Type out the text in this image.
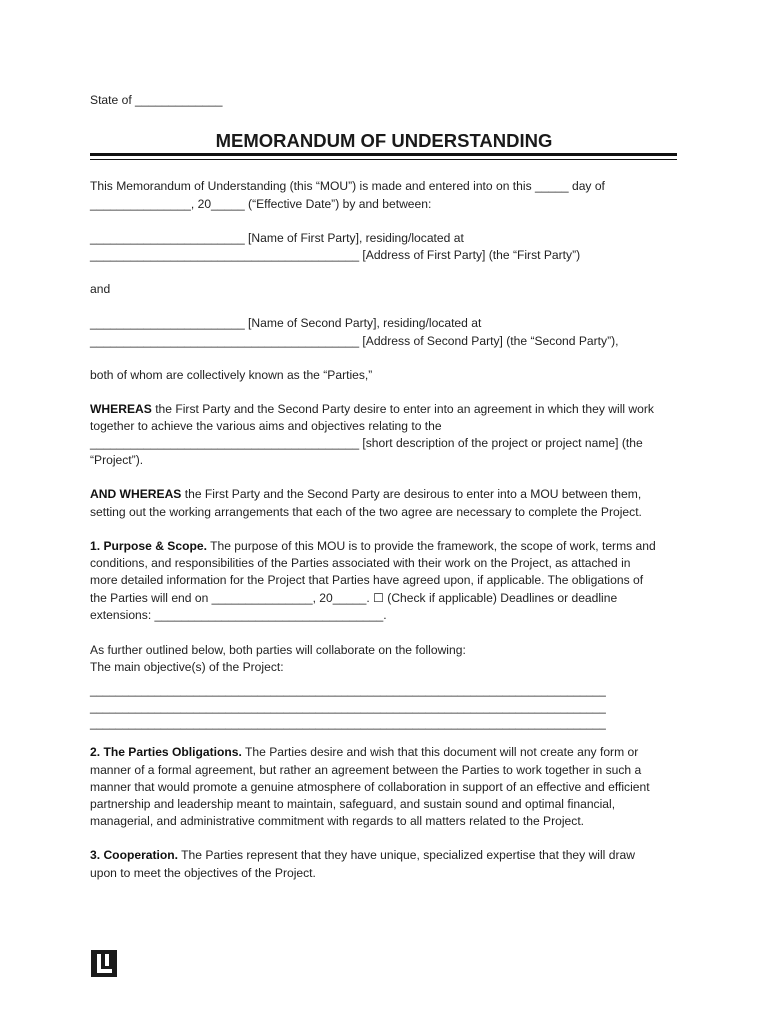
State of _____________
MEMORANDUM OF UNDERSTANDING
This Memorandum of Understanding (this “MOU”) is made and entered into on this _____ day of
_______________, 20_____ (“Effective Date”) by and between:
_______________________ [Name of First Party], residing/located at
________________________________________ [Address of First Party] (the “First Party”)
and
_______________________ [Name of Second Party], residing/located at
________________________________________ [Address of Second Party] (the “Second Party”),
both of whom are collectively known as the “Parties,”
WHEREAS the First Party and the Second Party desire to enter into an agreement in which they will work
together to achieve the various aims and objectives relating to the
________________________________________ [short description of the project or project name] (the
“Project”).
AND WHEREAS the First Party and the Second Party are desirous to enter into a MOU between them,
setting out the working arrangements that each of the two agree are necessary to complete the Project.
1. Purpose & Scope. The purpose of this MOU is to provide the framework, the scope of work, terms and
conditions, and responsibilities of the Parties associated with their work on the Project, as attached in
more detailed information for the Project that Parties have agreed upon, if applicable. The obligations of
the Parties will end on _______________, 20_____. ☐ (Check if applicable) Deadlines or deadline
extensions: __________________________________.
As further outlined below, both parties will collaborate on the following:
The main objective(s) of the Project:
________________________________________________________________________________
________________________________________________________________________________
________________________________________________________________________________
2. The Parties Obligations. The Parties desire and wish that this document will not create any form or
manner of a formal agreement, but rather an agreement between the Parties to work together in such a
manner that would promote a genuine atmosphere of collaboration in support of an effective and efficient
partnership and leadership meant to maintain, safeguard, and sustain sound and optimal financial,
managerial, and administrative commitment with regards to all matters related to the Project.
3. Cooperation. The Parties represent that they have unique, specialized expertise that they will draw
upon to meet the objectives of the Project.
